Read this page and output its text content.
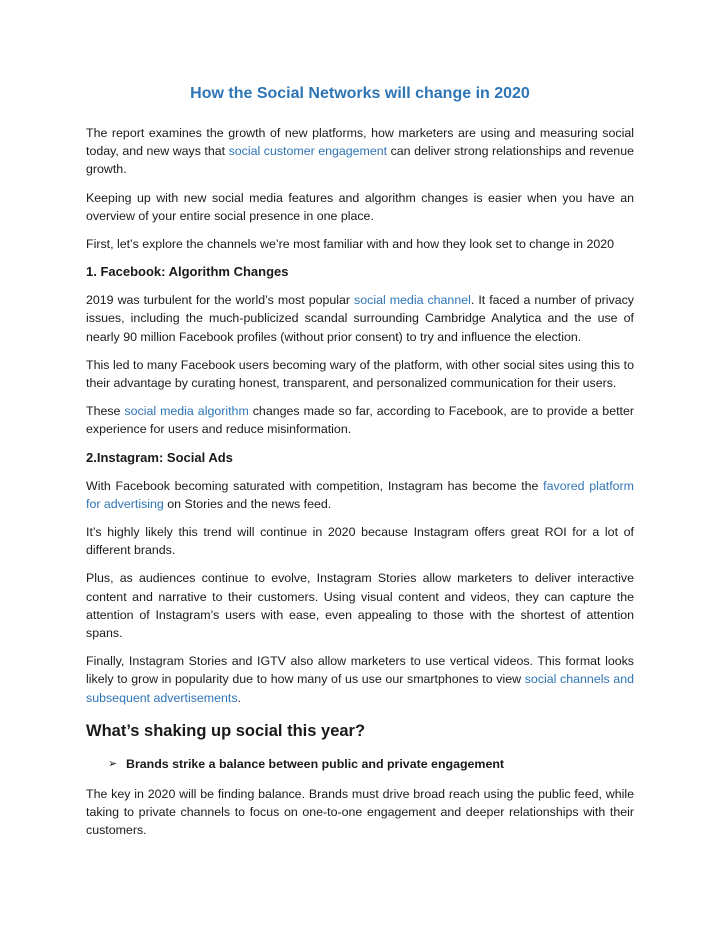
How the Social Networks will change in 2020

The report examines the growth of new platforms, how marketers are using and measuring social today, and new ways that social customer engagement can deliver strong relationships and revenue growth.

Keeping up with new social media features and algorithm changes is easier when you have an overview of your entire social presence in one place.

First, let’s explore the channels we’re most familiar with and how they look set to change in 2020

1. Facebook: Algorithm Changes

2019 was turbulent for the world’s most popular social media channel. It faced a number of privacy issues, including the much-publicized scandal surrounding Cambridge Analytica and the use of nearly 90 million Facebook profiles (without prior consent) to try and influence the election.

This led to many Facebook users becoming wary of the platform, with other social sites using this to their advantage by curating honest, transparent, and personalized communication for their users.

These social media algorithm changes made so far, according to Facebook, are to provide a better experience for users and reduce misinformation.

2.Instagram: Social Ads

With Facebook becoming saturated with competition, Instagram has become the favored platform for advertising on Stories and the news feed.

It’s highly likely this trend will continue in 2020 because Instagram offers great ROI for a lot of different brands.

Plus, as audiences continue to evolve, Instagram Stories allow marketers to deliver interactive content and narrative to their customers. Using visual content and videos, they can capture the attention of Instagram’s users with ease, even appealing to those with the shortest of attention spans.

Finally, Instagram Stories and IGTV also allow marketers to use vertical videos. This format looks likely to grow in popularity due to how many of us use our smartphones to view social channels and subsequent advertisements.

What’s shaking up social this year?
➢ Brands strike a balance between public and private engagement

The key in 2020 will be finding balance. Brands must drive broad reach using the public feed, while taking to private channels to focus on one-to-one engagement and deeper relationships with their customers.
